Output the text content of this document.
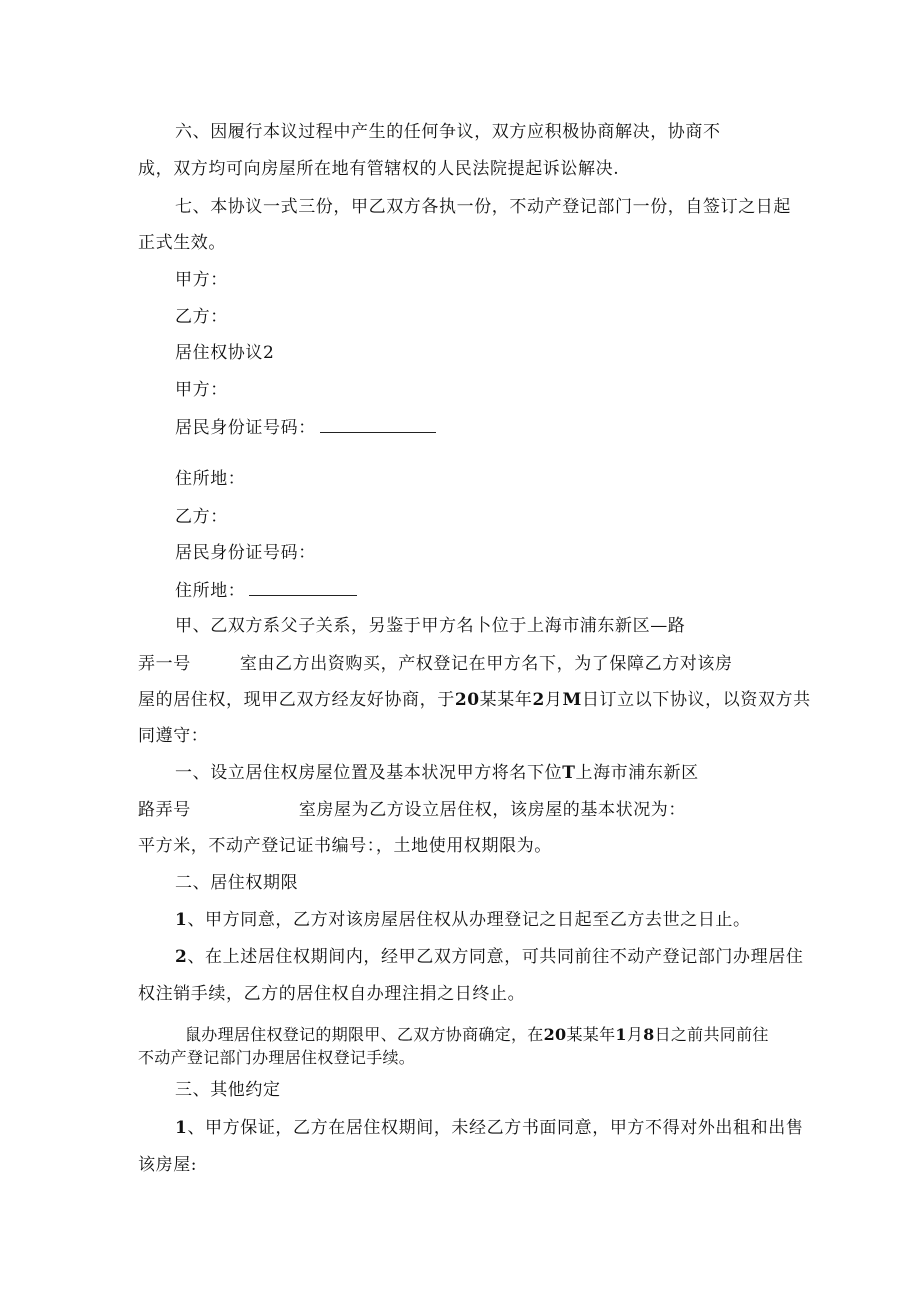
六、因履行本议过程中产生的任何争议，双方应积极协商解决，协商不
成，双方均可向房屋所在地有管辖权的人民法院提起诉讼解决.
七、本协议一式三份，甲乙双方各执一份，不动产登记部门一份，自签订之日起
正式生效。
甲方：
乙方：
居住权协议2
甲方：
居民身份证号码：
住所地：
乙方：
居民身份证号码：
住所地：
甲、乙双方系父子关系，另鉴于甲方名卜位于上海市浦东新区—路
弄一号	室由乙方出资购买，产权登记在甲方名下，为了保障乙方对该房
屋的居住权，现甲乙双方经友好协商，于20某某年2月M日订立以下协议，以资双方共
同遵守：
一、设立居住权房屋位置及基本状况甲方将名下位T上海市浦东新区
路弄号	室房屋为乙方设立居住权，该房屋的基本状况为：
平方米，不动产登记证书编号：，土地使用权期限为。
二、居住权期限
1、甲方同意，乙方对该房屋居住权从办理登记之日起至乙方去世之日止。
2、在上述居住权期间内，经甲乙双方同意，可共同前往不动产登记部门办理居住
权注销手续，乙方的居住权自办理注捐之日终止。
鼠办理居住权登记的期限甲、乙双方协商确定，在20某某年1月8日之前共同前往
不动产登记部门办理居住权登记手续。
三、其他约定
1、甲方保证，乙方在居住权期间，未经乙方书面同意，甲方不得对外出租和出售
该房屋:
